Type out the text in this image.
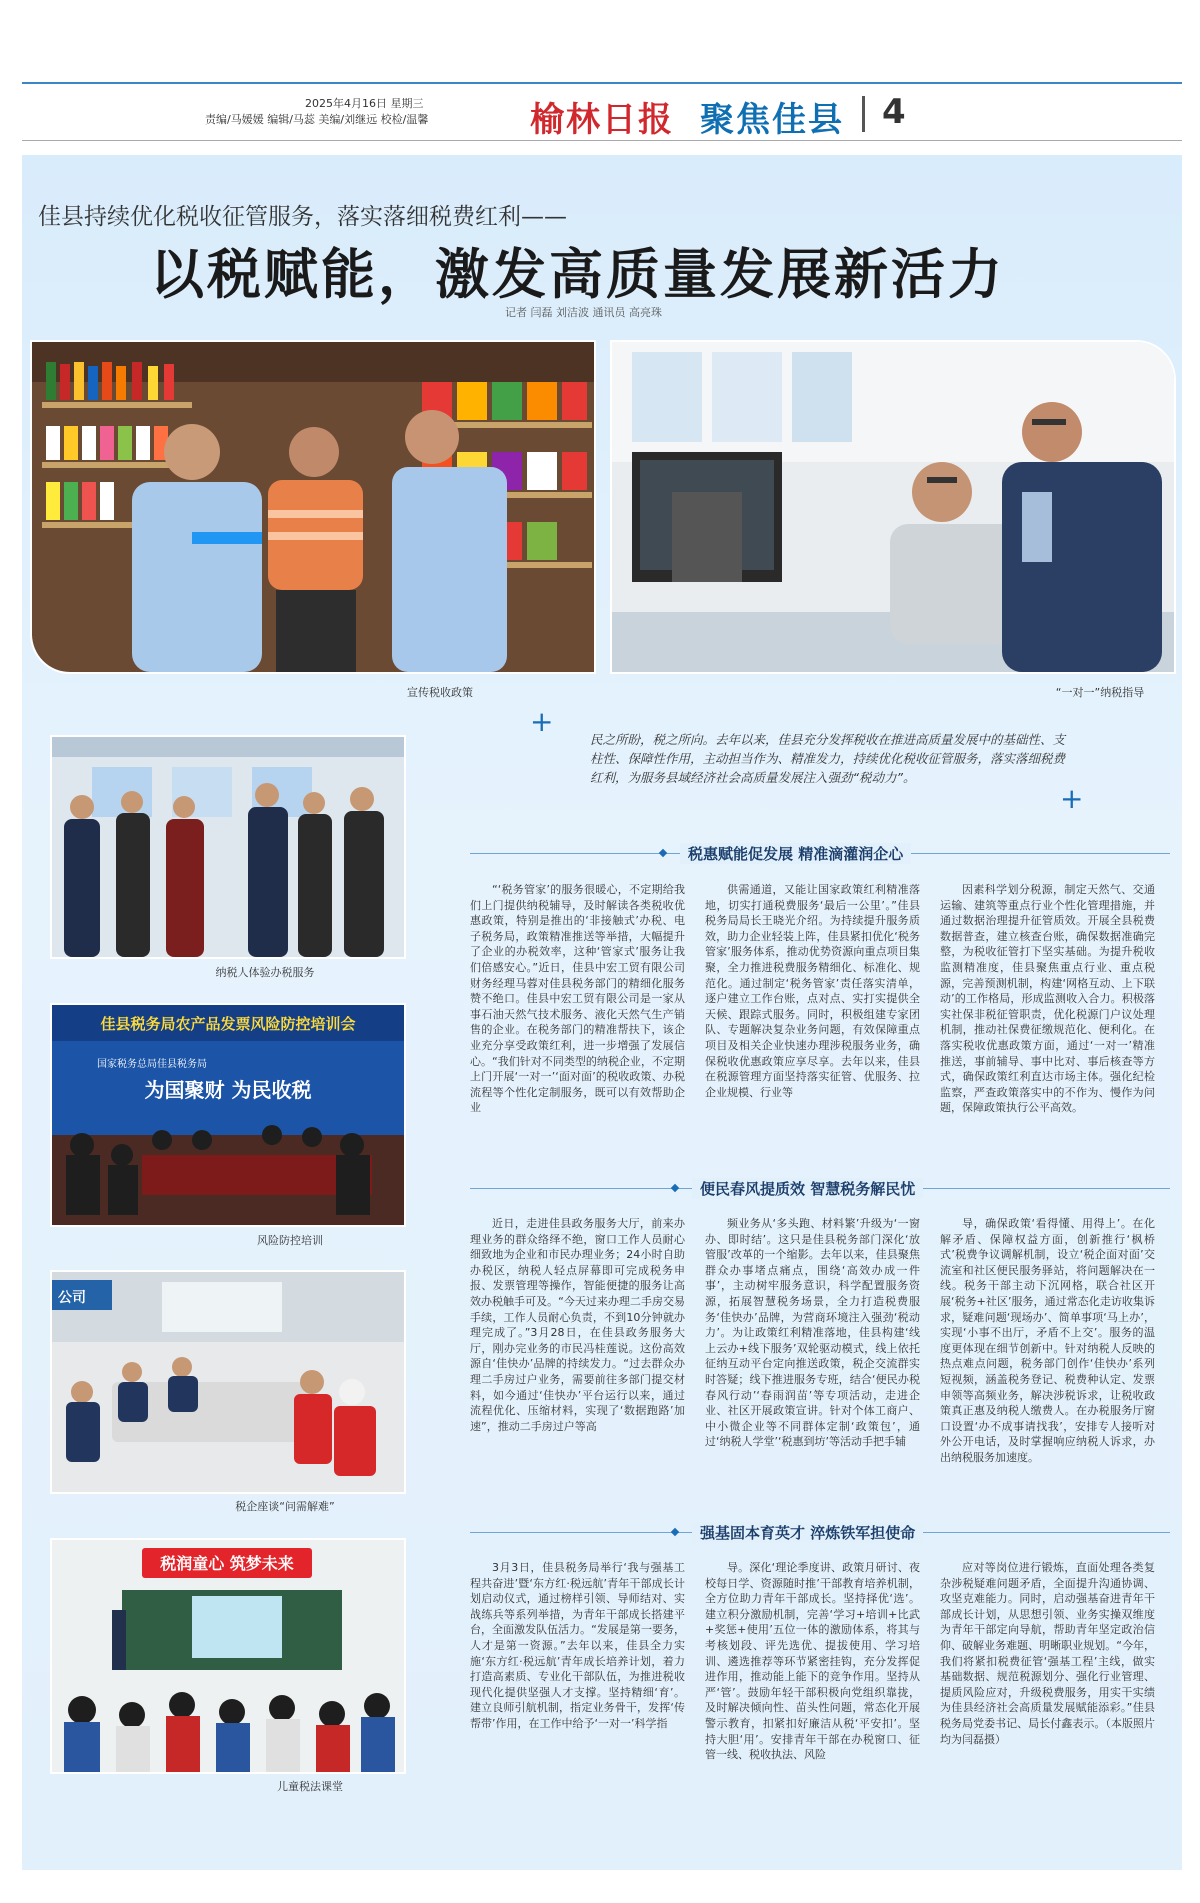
2025年4月16日 星期三
责编/马媛媛 编辑/马蕊 美编/刘继远 校检/温馨	榆林日报 聚焦佳县 4
佳县持续优化税收征管服务，落实落细税费红利——
以税赋能，激发高质量发展新活力
记者 闫磊 刘洁波 通讯员 高亮珠
宣传税收政策	“一对一”纳税指导
+
+
民之所盼，税之所向。去年以来，佳县充分发挥税收在推进高质量发展中的基础性、支柱性、保障性作用，主动担当作为、精准发力，持续优化税收征管服务，落实落细税费红利，为服务县域经济社会高质量发展注入强劲“税动力”。
纳税人体验办税服务
佳县税务局农产品发票风险防控培训会
国家税务总局佳县税务局
为国聚财 为民收税
风险防控培训
公司
税企座谈“问需解难”
税润童心 筑梦未来
儿童税法课堂
税惠赋能促发展 精准滴灌润企心

“‘税务管家’的服务很暖心，不定期给我们上门提供纳税辅导，及时解读各类税收优惠政策，特别是推出的‘非接触式’办税、电子税务局，政策精准推送等举措，大幅提升了企业的办税效率，这种‘管家式’服务让我们倍感安心。”近日，佳县中宏工贸有限公司财务经理马蓉对佳县税务部门的精细化服务赞不绝口。佳县中宏工贸有限公司是一家从事石油天然气技术服务、液化天然气生产销售的企业。在税务部门的精准帮扶下，该企业充分享受政策红利，进一步增强了发展信心。“我们针对不同类型的纳税企业，不定期上门开展‘一对一’‘面对面’的税收政策、办税流程等个性化定制服务，既可以有效帮助企业

供需通道，又能让国家政策红利精准落地，切实打通税费服务‘最后一公里’。”佳县税务局局长王晓光介绍。为持续提升服务质效，助力企业轻装上阵，佳县紧扣优化‘税务管家’服务体系，推动优势资源向重点项目集聚，全力推进税费服务精细化、标准化、规范化。通过制定‘税务管家’责任落实清单，逐户建立工作台账，点对点、实打实提供全天候、跟踪式服务。同时，积极组建专家团队、专题解决复杂业务问题，有效保障重点项目及相关企业快速办理涉税服务业务，确保税收优惠政策应享尽享。去年以来，佳县在税源管理方面坚持落实征管、优服务、拉企业规模、行业等

因素科学划分税源，制定天然气、交通运输、建筑等重点行业个性化管理措施，并通过数据治理提升征管质效。开展全县税费数据普查，建立核查台账，确保数据准确完整，为税收征管打下坚实基础。为提升税收监测精准度，佳县聚焦重点行业、重点税源，完善预测机制，构建‘网格互动、上下联动’的工作格局，形成监测收入合力。积极落实社保非税征管职责，优化税源门户议处理机制，推动社保费征缴规范化、便利化。在落实税收优惠政策方面，通过‘一对一’精准推送，事前辅导、事中比对、事后核查等方式，确保政策红利直达市场主体。强化纪检监察，严查政策落实中的不作为、慢作为问题，保障政策执行公平高效。

便民春风提质效 智慧税务解民忧

近日，走进佳县政务服务大厅，前来办理业务的群众络绎不绝，窗口工作人员耐心细致地为企业和市民办理业务；24小时自助办税区，纳税人轻点屏幕即可完成税务申报、发票管理等操作，智能便捷的服务让高效办税触手可及。“今天过来办理二手房交易手续，工作人员耐心负责，不到10分钟就办理完成了。”3月28日，在佳县政务服务大厅，刚办完业务的市民冯桂莲说。这份高效源自‘佳快办’品牌的持续发力。“过去群众办理二手房过户业务，需要前往多部门提交材料，如今通过‘佳快办’平台运行以来，通过流程优化、压缩材料，实现了‘数据跑路’加速”，推动二手房过户等高

频业务从‘多头跑、材料繁’升级为‘一窗办、即时结’。这只是佳县税务部门深化‘放管服’改革的一个缩影。去年以来，佳县聚焦群众办事堵点痛点，围绕‘高效办成一件事’，主动树牢服务意识，科学配置服务资源，拓展智慧税务场景，全力打造税费服务‘佳快办’品牌，为营商环境注入强劲‘税动力’。为让政策红利精准落地，佳县构建‘线上云办+线下服务’双轮驱动模式，线上依托征纳互动平台定向推送政策，税企交流群实时答疑；线下推进服务专班，结合‘便民办税春风行动’‘春雨润苗’等专项活动，走进企业、社区开展政策宣讲。针对个体工商户、中小微企业等不同群体定制‘政策包’，通过‘纳税人学堂’‘税惠到坊’等活动手把手辅

导，确保政策‘看得懂、用得上’。在化解矛盾、保障权益方面，创新推行‘枫桥式’税费争议调解机制，设立‘税企面对面’交流室和社区便民服务驿站，将问题解决在一线。税务干部主动下沉网格，联合社区开展‘税务+社区’服务，通过常态化走访收集诉求，疑难问题‘现场办’、简单事项‘马上办’，实现‘小事不出厅，矛盾不上交’。服务的温度更体现在细节创新中。针对纳税人反映的热点难点问题，税务部门创作‘佳快办’系列短视频，涵盖税务登记、税费种认定、发票申领等高频业务，解决涉税诉求，让税收政策真正惠及纳税人缴费人。在办税服务厅窗口设置‘办不成事请找我’，安排专人接听对外公开电话，及时掌握响应纳税人诉求，办出纳税服务加速度。

强基固本育英才 淬炼铁军担使命

3月3日，佳县税务局举行‘我与强基工程共奋进’暨‘东方红·税远航’青年干部成长计划启动仪式，通过榜样引领、导师结对、实战练兵等系列举措，为青年干部成长搭建平台，全面激发队伍活力。“发展是第一要务，人才是第一资源。”去年以来，佳县全力实施‘东方红·税远航’青年成长培养计划，着力打造高素质、专业化干部队伍，为推进税收现代化提供坚强人才支撑。坚持精细‘育’。建立良师引航机制，指定业务骨干，发挥‘传帮带’作用，在工作中给予‘一对一’科学指

导。深化‘理论季度讲、政策月研讨、夜校每日学、资源随时推’干部教育培养机制，全方位助力青年干部成长。坚持择优‘选’。建立积分激励机制，完善‘学习+培训+比武+奖惩+使用’五位一体的激励体系，将其与考核划段、评先选优、提拔使用、学习培训、遴选推荐等环节紧密挂钩，充分发挥促进作用，推动能上能下的竞争作用。坚持从严‘管’。鼓励年轻干部积极向党组织靠拢，及时解决倾向性、苗头性问题，常态化开展警示教育，扣紧扣好廉洁从税‘平安扣’。坚持大胆‘用’。安排青年干部在办税窗口、征管一线、税收执法、风险

应对等岗位进行锻炼，直面处理各类复杂涉税疑难问题矛盾，全面提升沟通协调、攻坚克难能力。同时，启动强基奋进青年干部成长计划，从思想引领、业务实操双维度为青年干部定向导航，帮助青年坚定政治信仰、破解业务难题、明晰职业规划。“今年，我们将紧扣税费征管‘强基工程’主线，做实基础数据、规范税源划分、强化行业管理、提质风险应对，升级税费服务，用实干实绩为佳县经济社会高质量发展赋能添彩。”佳县税务局党委书记、局长付鑫表示。（本版照片均为闫磊摄）
